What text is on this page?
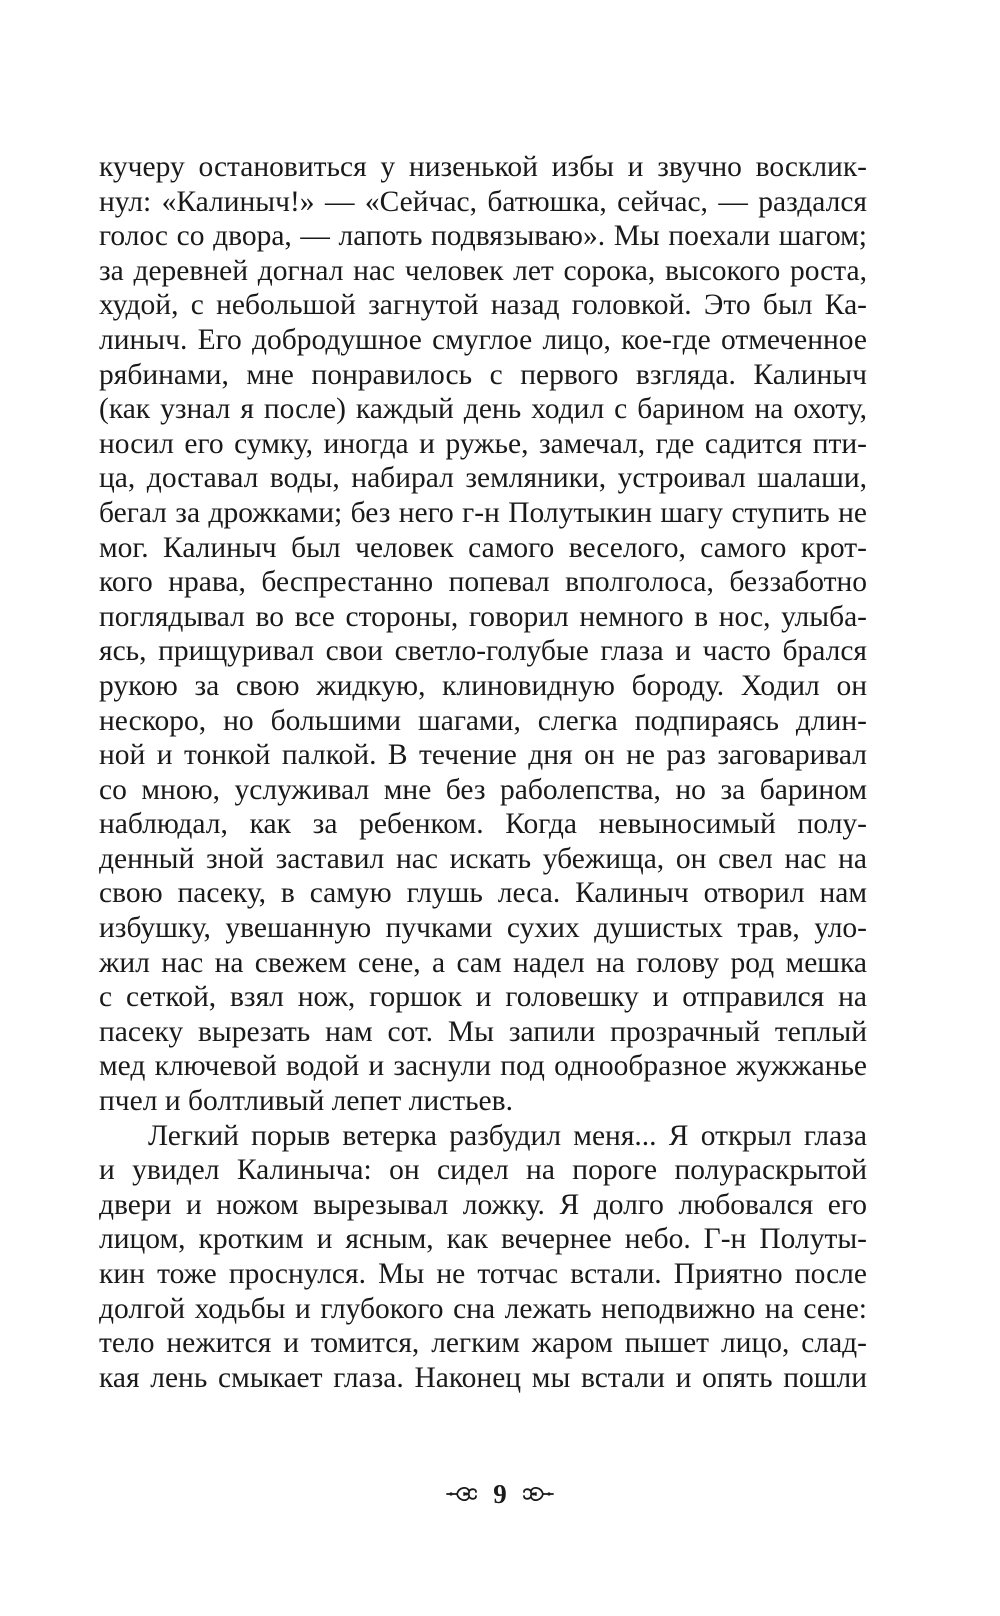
кучеру остановиться у низенькой избы и звучно восклик-
нул: «Калиныч!» — «Сейчас, батюшка, сейчас, — раздался
голос со двора, — лапоть подвязываю». Мы поехали шагом;
за деревней догнал нас человек лет сорока, высокого роста,
худой, с небольшой загнутой назад головкой. Это был Ка-
линыч. Его добродушное смуглое лицо, кое-где отмеченное
рябинами, мне понравилось с первого взгляда. Калиныч
(как узнал я после) каждый день ходил с барином на охоту,
носил его сумку, иногда и ружье, замечал, где садится пти-
ца, доставал воды, набирал земляники, устроивал шалаши,
бегал за дрожками; без него г-н Полутыкин шагу ступить не
мог. Калиныч был человек самого веселого, самого крот-
кого нрава, беспрестанно попевал вполголоса, беззаботно
поглядывал во все стороны, говорил немного в нос, улыба-
ясь, прищуривал свои светло-голубые глаза и часто брался
рукою за свою жидкую, клиновидную бороду. Ходил он
нескоро, но большими шагами, слегка подпираясь длин-
ной и тонкой палкой. В течение дня он не раз заговаривал
со мною, услуживал мне без раболепства, но за барином
наблюдал, как за ребенком. Когда невыносимый полу-
денный зной заставил нас искать убежища, он свел нас на
свою пасеку, в самую глушь леса. Калиныч отворил нам
избушку, увешанную пучками сухих душистых трав, уло-
жил нас на свежем сене, а сам надел на голову род мешка
с сеткой, взял нож, горшок и головешку и отправился на
пасеку вырезать нам сот. Мы запили прозрачный теплый
мед ключевой водой и заснули под однообразное жужжанье
пчел и болтливый лепет листьев.
Легкий порыв ветерка разбудил меня... Я открыл глаза
и увидел Калиныча: он сидел на пороге полураскрытой
двери и ножом вырезывал ложку. Я долго любовался его
лицом, кротким и ясным, как вечернее небо. Г-н Полуты-
кин тоже проснулся. Мы не тотчас встали. Приятно после
долгой ходьбы и глубокого сна лежать неподвижно на сене:
тело нежится и томится, легким жаром пышет лицо, слад-
кая лень смыкает глаза. Наконец мы встали и опять пошли
9
